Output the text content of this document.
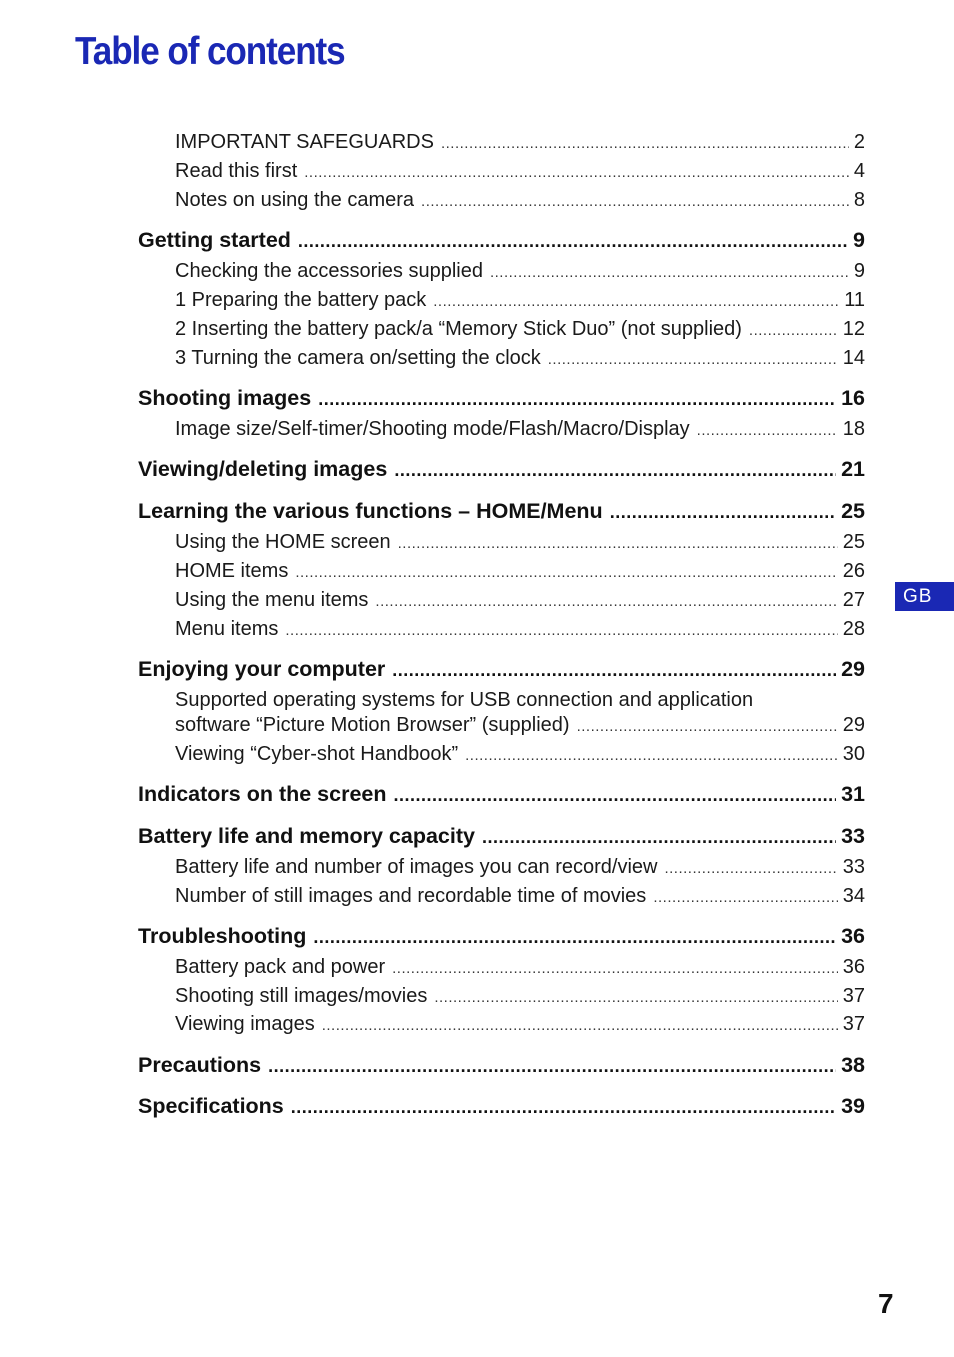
Table of contents
IMPORTANT SAFEGUARDS .....	2
Read this first .....	4
Notes on using the camera .....	8
Getting started .....	9
Checking the accessories supplied .....	9
1 Preparing the battery pack .....	11
2 Inserting the battery pack/a “Memory Stick Duo” (not supplied) .....	12
3 Turning the camera on/setting the clock .....	14
Shooting images .....	16
Image size/Self-timer/Shooting mode/Flash/Macro/Display .....	18
Viewing/deleting images .....	21
Learning the various functions – HOME/Menu .....	25
Using the HOME screen .....	25
HOME items .....	26
Using the menu items .....	27
Menu items .....	28
Enjoying your computer .....	29
Supported operating systems for USB connection and application
software “Picture Motion Browser” (supplied) .....	29
Viewing “Cyber-shot Handbook” .....	30
Indicators on the screen .....	31
Battery life and memory capacity .....	33
Battery life and number of images you can record/view .....	33
Number of still images and recordable time of movies .....	34
Troubleshooting .....	36
Battery pack and power .....	36
Shooting still images/movies .....	37
Viewing images .....	37
Precautions .....	38
Specifications .....	39
GB
7
